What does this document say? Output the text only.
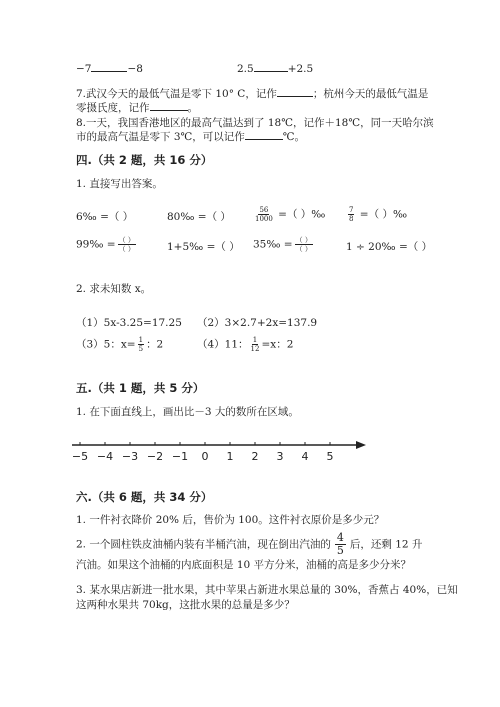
−7	−8	2.5	+2.5
7.武汉今天的最低气温是零下 10° C，记作	；杭州今天的最低气温是
零摄氏度，记作	。
8.一天，我国香港地区的最高气温达到了 18℃，记作＋18℃，同一天哈尔滨
市的最高气温是零下 3℃，可以记作	℃。
四.（共 2 题，共 16 分）
1. 直接写出答案。
6‰ =（ ）	80‰ =（ ）	$\frac{56}{1000}$ =（ ）‰	$\frac{7}{8}$ =（ ）‰
99‰ = $\frac{( )}{( )}$	1+5‰ =（ ） 35‰ = $\frac{( )}{( )}$	1 ÷ 20‰ =（ ）
2. 求未知数 x。
（1）5x-3.25=17.25 （2）3×2.7+2x=137.9
（3）5：$x= \frac{1}{5}$ ：2	（4）11： $\frac{1}{12} =x$：2
五.（共 1 题，共 5 分）
1. 在下面直线上，画出比－3 大的数所在区域。
−5 −4 −3 −2 −1 0 1 2 3 4 5
六.（共 6 题，共 34 分）
1. 一件衬衣降价 20% 后，售价为 100。这件衬衣原价是多少元？
2. 一个圆柱铁皮油桶内装有半桶汽油，现在倒出汽油的 $\frac{4}{5}$ 后，还剩 12 升
汽油。如果这个油桶的内底面积是 10 平方分米，油桶的高是多少分米？
3. 某水果店新进一批水果，其中苹果占新进水果总量的 30%，香蕉占 40%，已知
这两种水果共 70kg，这批水果的总量是多少？
